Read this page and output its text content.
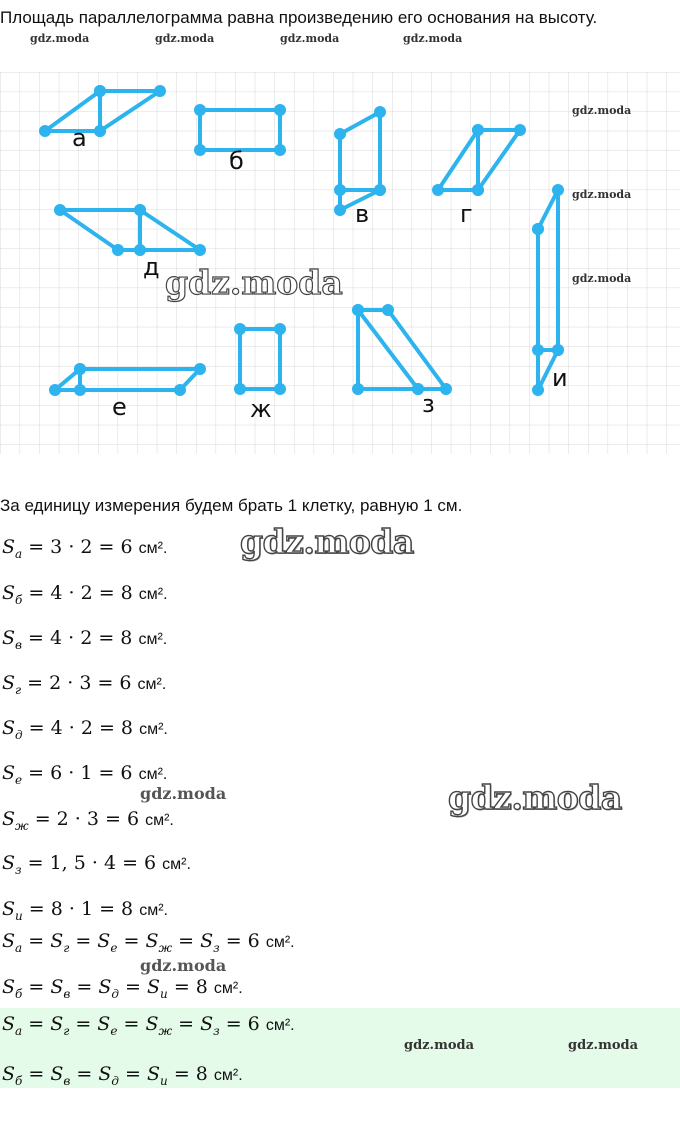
Площадь параллелограмма равна произведению его основания на высоту.
gdz.moda	gdz.moda	gdz.moda	gdz.moda
а
б
в	г
д
е	ж	з
и
gdz.moda
gdz.moda
gdz.moda
gdz.moda
За единицу измерения будем брать 1 клетку, равную 1 см.
gdz.moda
gdz.moda	gdz.moda
gdz.moda
$S_а = 3 \cdot 2 = 6$ см².
$S_б = 4 \cdot 2 = 8$ см².
$S_в = 4 \cdot 2 = 8$ см².
$S_г = 2 \cdot 3 = 6$ см².
$S_д = 4 \cdot 2 = 8$ см².
$S_е = 6 \cdot 1 = 6$ см².
$S_ж = 2 \cdot 3 = 6$ см².
$S_з = 1$, 5 · 4 = 6 см².
$S_и = 8 \cdot 1 = 8$ см².
$S_а = S_г = S_е = S_ж = S_з = 6$ см².
$S_б = S_в = S_д = S_и = 8$ см².
$S_а = S_г = S_е = S_ж = S_з = 6$ см².
$S_б = S_в = S_д = S_и = 8$ см².
gdz.moda	gdz.moda
